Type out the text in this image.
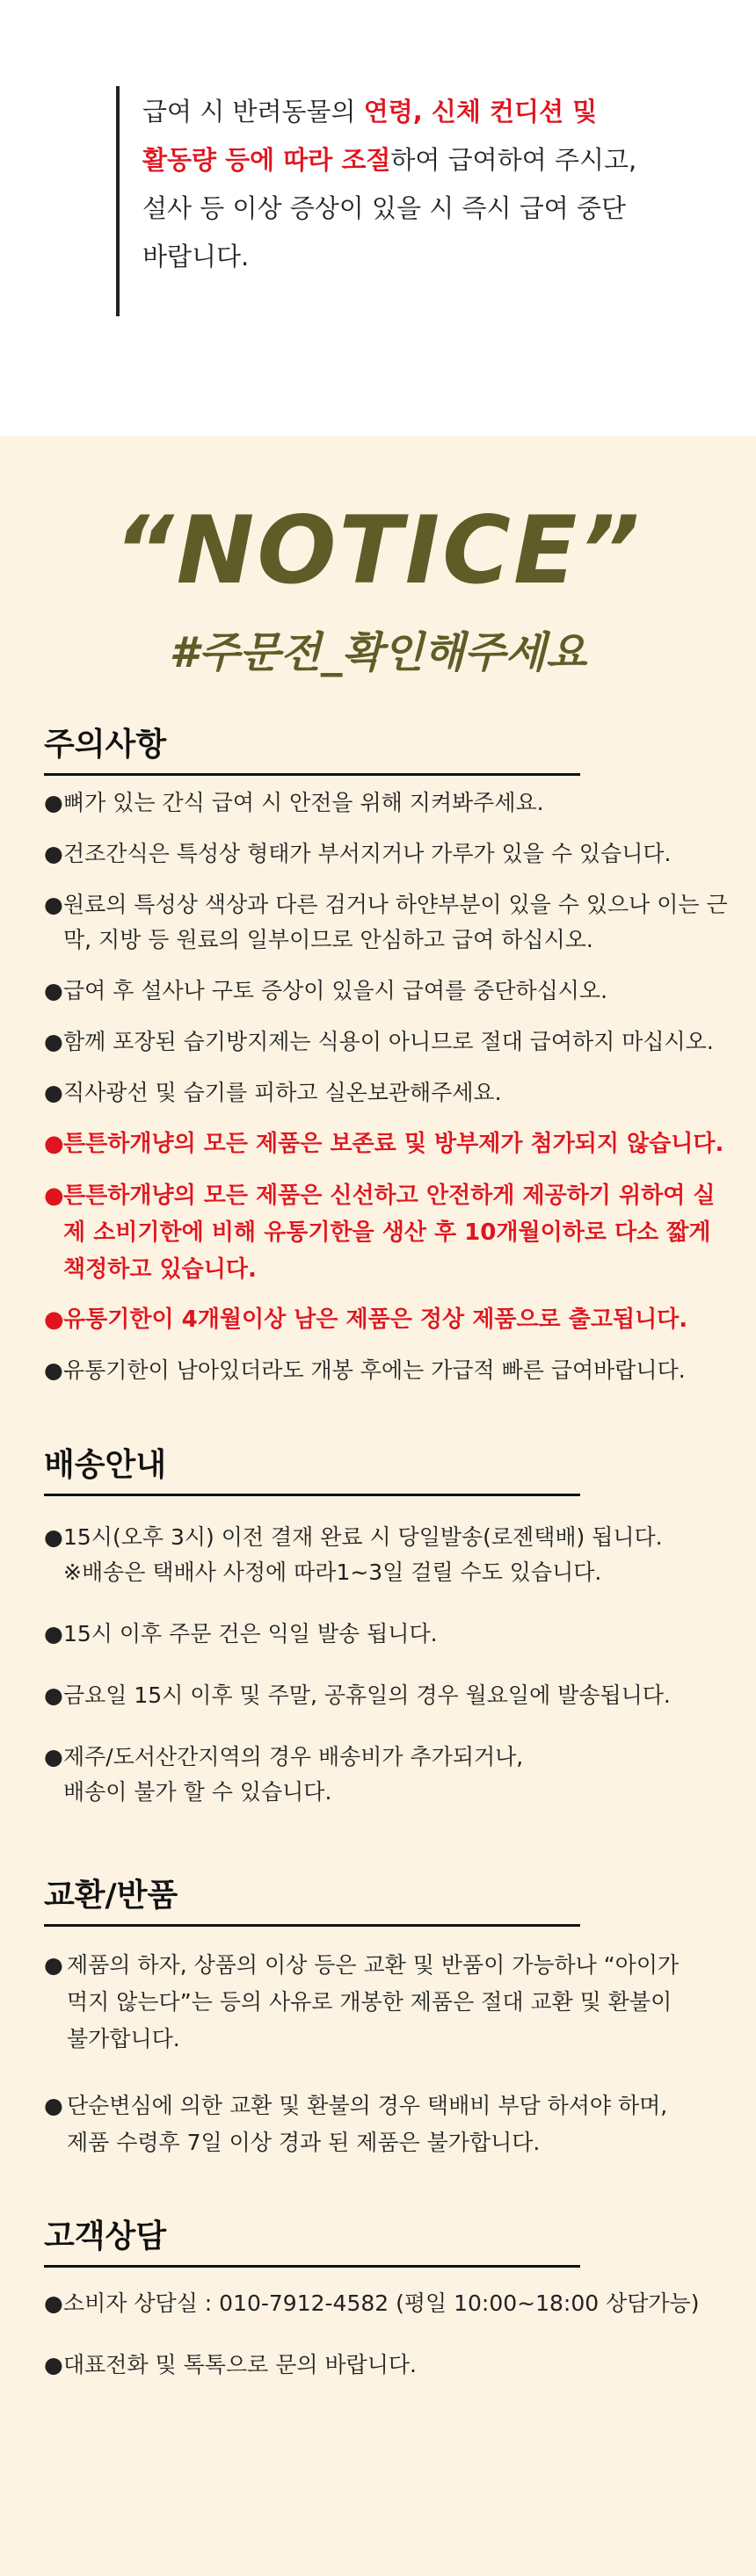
급여 시 반려동물의 연령, 신체 컨디션 및
활동량 등에 따라 조절하여 급여하여 주시고,
설사 등 이상 증상이 있을 시 즉시 급여 중단
바랍니다.
“NOTICE”
#주문전_확인해주세요
주의사항
● 뼈가 있는 간식 급여 시 안전을 위해 지켜봐주세요.
● 건조간식은 특성상 형태가 부서지거나 가루가 있을 수 있습니다.
● 원료의 특성상 색상과 다른 검거나 하얀부분이 있을 수 있으나 이는 근막, 지방 등 원료의 일부이므로 안심하고 급여 하십시오.
● 급여 후 설사나 구토 증상이 있을시 급여를 중단하십시오.
● 함께 포장된 습기방지제는 식용이 아니므로 절대 급여하지 마십시오.
● 직사광선 및 습기를 피하고 실온보관해주세요.
● 튼튼하개냥의 모든 제품은 보존료 및 방부제가 첨가되지 않습니다.
● 튼튼하개냥의 모든 제품은 신선하고 안전하게 제공하기 위하여 실제 소비기한에 비해 유통기한을 생산 후 10개월이하로 다소 짧게 책정하고 있습니다.
● 유통기한이 4개월이상 남은 제품은 정상 제품으로 출고됩니다.
● 유통기한이 남아있더라도 개봉 후에는 가급적 빠른 급여바랍니다.
배송안내
● 15시(오후 3시) 이전 결재 완료 시 당일발송(로젠택배) 됩니다.
※배송은 택배사 사정에 따라1~3일 걸릴 수도 있습니다.
● 15시 이후 주문 건은 익일 발송 됩니다.
● 금요일 15시 이후 및 주말, 공휴일의 경우 월요일에 발송됩니다.
● 제주/도서산간지역의 경우 배송비가 추가되거나,
배송이 불가 할 수 있습니다.
교환/반품
● 제품의 하자, 상품의 이상 등은 교환 및 반품이 가능하나 “아이가 먹지 않는다”는 등의 사유로 개봉한 제품은 절대 교환 및 환불이 불가합니다.
● 단순변심에 의한 교환 및 환불의 경우 택배비 부담 하셔야 하며, 제품 수령후 7일 이상 경과 된 제품은 불가합니다.
고객상담
● 소비자 상담실 : 010-7912-4582 (평일 10:00~18:00 상담가능)
● 대표전화 및 톡톡으로 문의 바랍니다.
